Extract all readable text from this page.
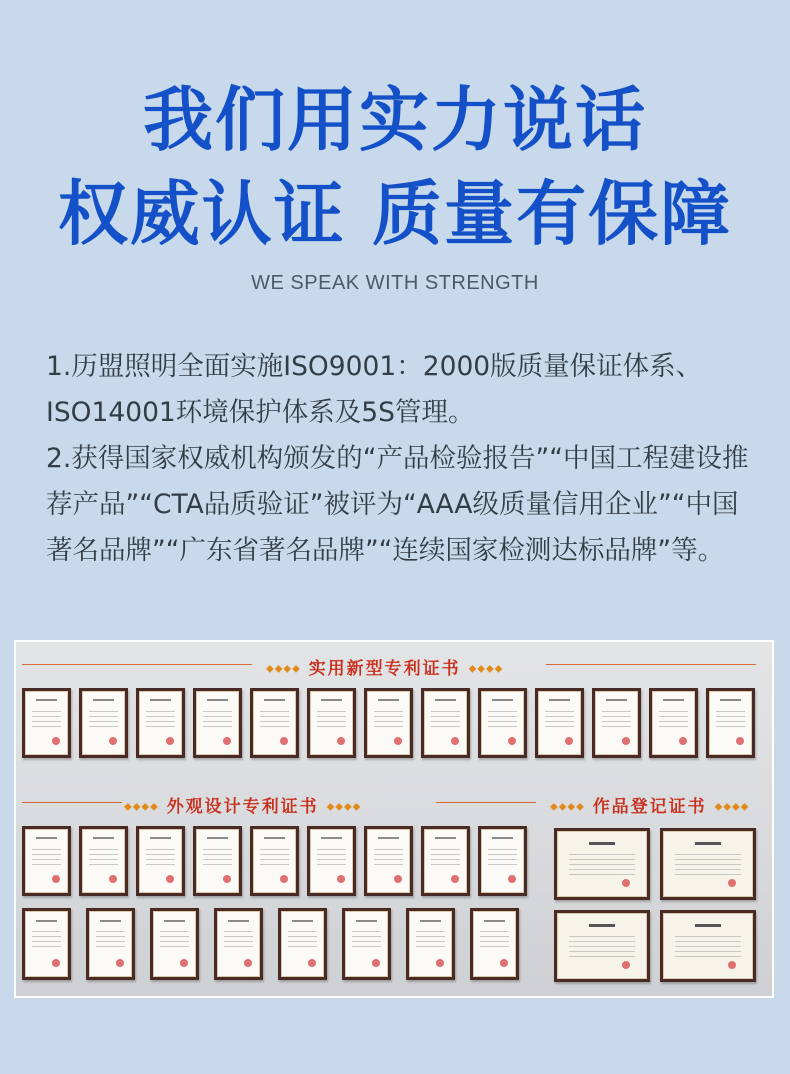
我们用实力说话
权威认证 质量有保障
WE SPEAK WITH STRENGTH

1.历盟照明全面实施ISO9001：2000版质量保证体系、ISO14001环境保护体系及5S管理。

2.获得国家权威机构颁发的“产品检验报告”“中国工程建设推荐产品”“CTA品质验证”被评为“AAA级质量信用企业”“中国著名品牌”“广东省著名品牌”“连续国家检测达标品牌”等。

◆◆◆◆ 实用新型专利证书 ◆◆◆◆
◆◆◆◆ 外观设计专利证书 ◆◆◆◆	◆◆◆◆ 作品登记证书 ◆◆◆◆
